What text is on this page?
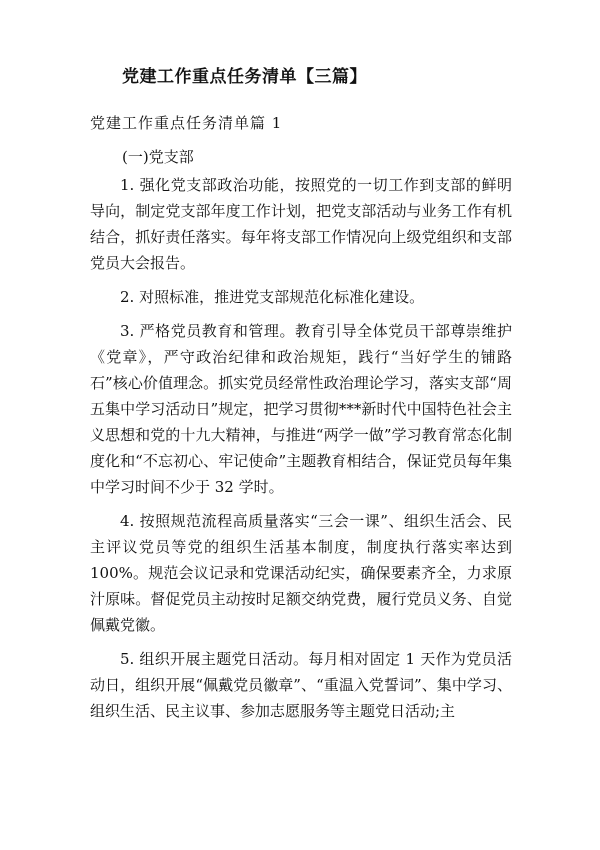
党建工作重点任务清单【三篇】
党建工作重点任务清单篇 1
(一)党支部

1. 强化党支部政治功能，按照党的一切工作到支部的鲜明导向，制定党支部年度工作计划，把党支部活动与业务工作有机结合，抓好责任落实。每年将支部工作情况向上级党组织和支部党员大会报告。

2. 对照标准，推进党支部规范化标准化建设。

3. 严格党员教育和管理。教育引导全体党员干部尊崇维护《党章》，严守政治纪律和政治规矩，践行“当好学生的铺路石”核心价值理念。抓实党员经常性政治理论学习，落实支部“周五集中学习活动日”规定，把学习贯彻***新时代中国特色社会主义思想和党的十九大精神，与推进“两学一做”学习教育常态化制度化和“不忘初心、牢记使命”主题教育相结合，保证党员每年集中学习时间不少于 32 学时。

4. 按照规范流程高质量落实“三会一课”、组织生活会、民主评议党员等党的组织生活基本制度，制度执行落实率达到 100%。规范会议记录和党课活动纪实，确保要素齐全，力求原汁原味。督促党员主动按时足额交纳党费，履行党员义务、自觉佩戴党徽。

5. 组织开展主题党日活动。每月相对固定 1 天作为党员活动日，组织开展“佩戴党员徽章”、“重温入党誓词”、集中学习、组织生活、民主议事、参加志愿服务等主题党日活动;主
